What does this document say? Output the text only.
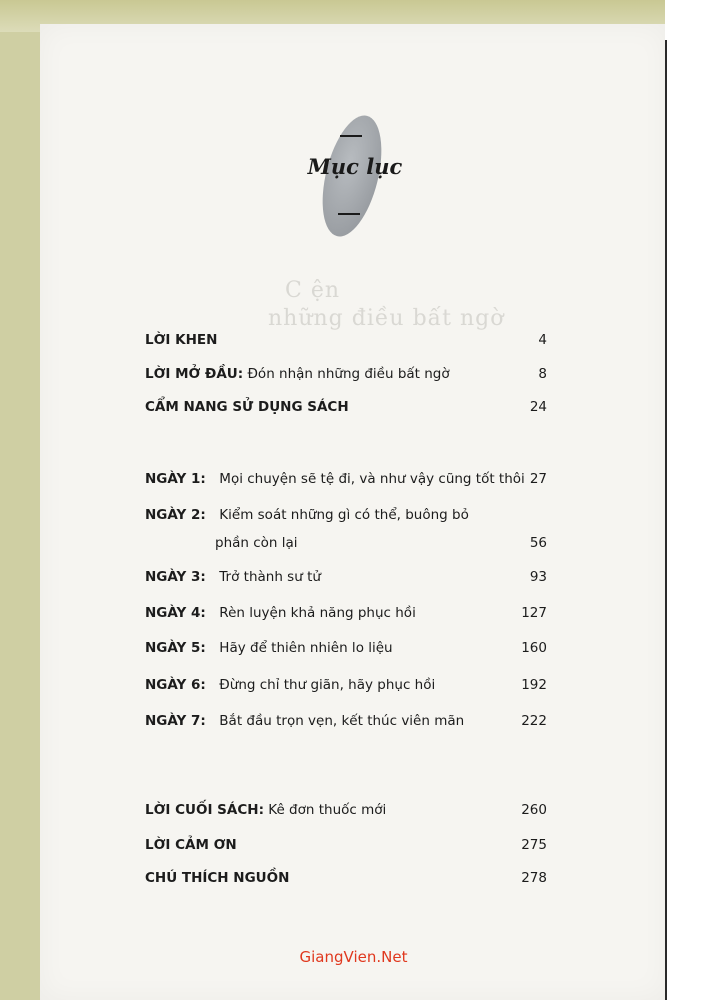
C ện
những điều bất ngờ
Mục lục
LỜI KHEN	4
LỜI MỞ ĐẦU: Đón nhận những điều bất ngờ	8
CẨM NANG SỬ DỤNG SÁCH	24
NGÀY 1: Mọi chuyện sẽ tệ đi, và như vậy cũng tốt thôi 27
NGÀY 2: Kiểm soát những gì có thể, buông bỏ
phần còn lại	56
NGÀY 3: Trở thành sư tử	93
NGÀY 4: Rèn luyện khả năng phục hồi	127
NGÀY 5: Hãy để thiên nhiên lo liệu	160
NGÀY 6: Đừng chỉ thư giãn, hãy phục hồi	192
NGÀY 7: Bắt đầu trọn vẹn, kết thúc viên mãn	222
LỜI CUỐI SÁCH: Kê đơn thuốc mới	260
LỜI CẢM ƠN	275
CHÚ THÍCH NGUỒN	278
GiangVien.Net
